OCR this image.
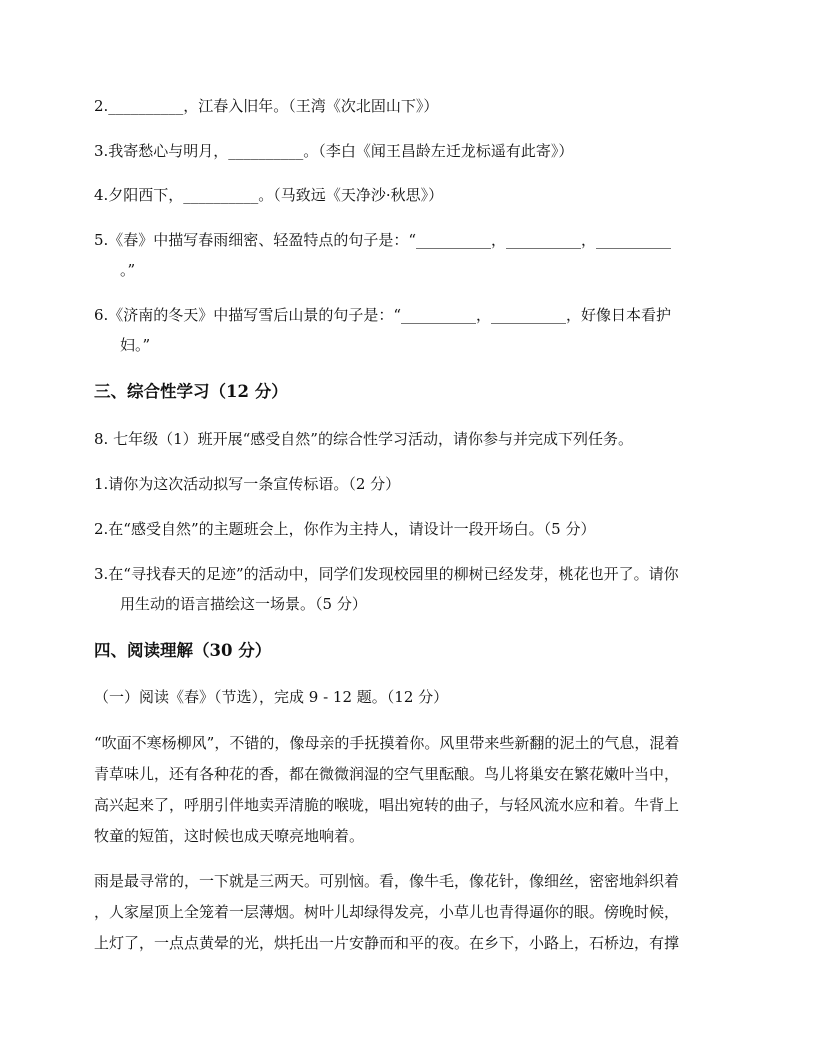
2.__________，江春入旧年。（王湾《次北固山下》）
3.我寄愁心与明月，__________。（李白《闻王昌龄左迁龙标遥有此寄》）
4.夕阳西下，__________。（马致远《天净沙·秋思》）
5.《春》中描写春雨细密、轻盈特点的句子是：“__________，__________，__________
。”
6.《济南的冬天》中描写雪后山景的句子是：“__________，__________，好像日本看护
妇。”
三、综合性学习（12 分）
8. 七年级（1）班开展“感受自然”的综合性学习活动，请你参与并完成下列任务。
1.请你为这次活动拟写一条宣传标语。（2 分）
2.在“感受自然”的主题班会上，你作为主持人，请设计一段开场白。（5 分）
3.在“寻找春天的足迹”的活动中，同学们发现校园里的柳树已经发芽，桃花也开了。请你
用生动的语言描绘这一场景。（5 分）
四、阅读理解（30 分）
（一）阅读《春》（节选），完成 9 - 12 题。（12 分）
“吹面不寒杨柳风”，不错的，像母亲的手抚摸着你。风里带来些新翻的泥土的气息，混着
青草味儿，还有各种花的香，都在微微润湿的空气里酝酿。鸟儿将巢安在繁花嫩叶当中，
高兴起来了，呼朋引伴地卖弄清脆的喉咙，唱出宛转的曲子，与轻风流水应和着。牛背上
牧童的短笛，这时候也成天嘹亮地响着。
雨是最寻常的，一下就是三两天。可别恼。看，像牛毛，像花针，像细丝，密密地斜织着
，人家屋顶上全笼着一层薄烟。树叶儿却绿得发亮，小草儿也青得逼你的眼。傍晚时候，
上灯了，一点点黄晕的光，烘托出一片安静而和平的夜。在乡下，小路上，石桥边，有撑
